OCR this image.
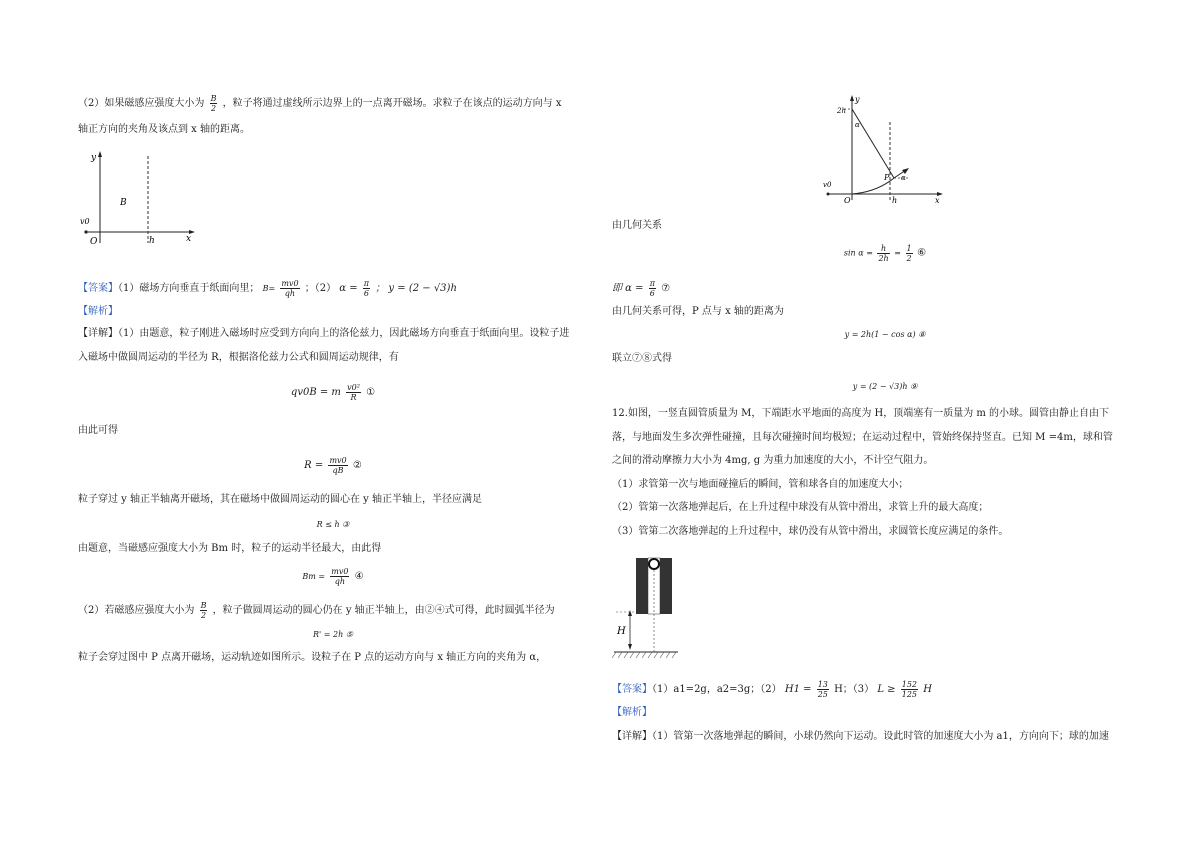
（2）如果磁感应强度大小为 $\frac{B}{2}$ ，粒子将通过虚线所示边界上的一点离开磁场。求粒子在该点的运动方向与 x
轴正方向的夹角及该点到 x 轴的距离。
y
B
v0
O	h	x
【答案】（1）磁场方向垂直于纸面向里； $B= \frac{mv0}{qh}$ ；（2） $\alpha = \frac{\pi}{6}$ ； y = (2 − √3)h
【解析】
【详解】（1）由题意，粒子刚进入磁场时应受到方向向上的洛伦兹力，因此磁场方向垂直于纸面向里。设粒子进
入磁场中做圆周运动的半径为 R，根据洛伦兹力公式和圆周运动规律，有
qv0B = m $\frac{\text{v0²}}{R}$ ①
由此可得
$R = \frac{mv0}{qB}$ ②
粒子穿过 y 轴正半轴离开磁场，其在磁场中做圆周运动的圆心在 y 轴正半轴上，半径应满足
R ≤ h ③
由题意，当磁感应强度大小为 Bm 时，粒子的运动半径最大，由此得
$Bm = \frac{mv0}{qh}$ ④
（2）若磁感应强度大小为 $\frac{B}{2}$ ，粒子做圆周运动的圆心仍在 y 轴正半轴上，由②④式可得，此时圆弧半径为
R' = 2h ⑤
粒子会穿过图中 P 点离开磁场，运动轨迹如图所示。设粒子在 P 点的运动方向与 x 轴正方向的夹角为 α，
y
2h
α
P α
v0
O	h	x
由几何关系
$\sin \alpha = \frac{h}{2h} = \frac{1}{2}$ ⑥
即 $\alpha = \frac{\pi}{6}$ ⑦
由几何关系可得，P 点与 x 轴的距离为
y = 2h(1 − cos α) ⑧
联立⑦⑧式得
y = (2 − √3)h ⑨
12.如图，一竖直圆管质量为 M，下端距水平地面的高度为 H，顶端塞有一质量为 m 的小球。圆管由静止自由下
落，与地面发生多次弹性碰撞，且每次碰撞时间均极短；在运动过程中，管始终保持竖直。已知 M =4m，球和管
之间的滑动摩擦力大小为 4mg, g 为重力加速度的大小，不计空气阻力。
（1）求管第一次与地面碰撞后的瞬间，管和球各自的加速度大小；
（2）管第一次落地弹起后，在上升过程中球没有从管中滑出，求管上升的最大高度；
（3）管第二次落地弹起的上升过程中，球仍没有从管中滑出，求圆管长度应满足的条件。
H
【答案】（1）a1=2g，a2=3g；（2） $H1 = \frac{13}{25}$ H；（3） $L \ge \frac{152}{125}$ H
【解析】
【详解】（1）管第一次落地弹起的瞬间，小球仍然向下运动。设此时管的加速度大小为 a1，方向向下；球的加速
